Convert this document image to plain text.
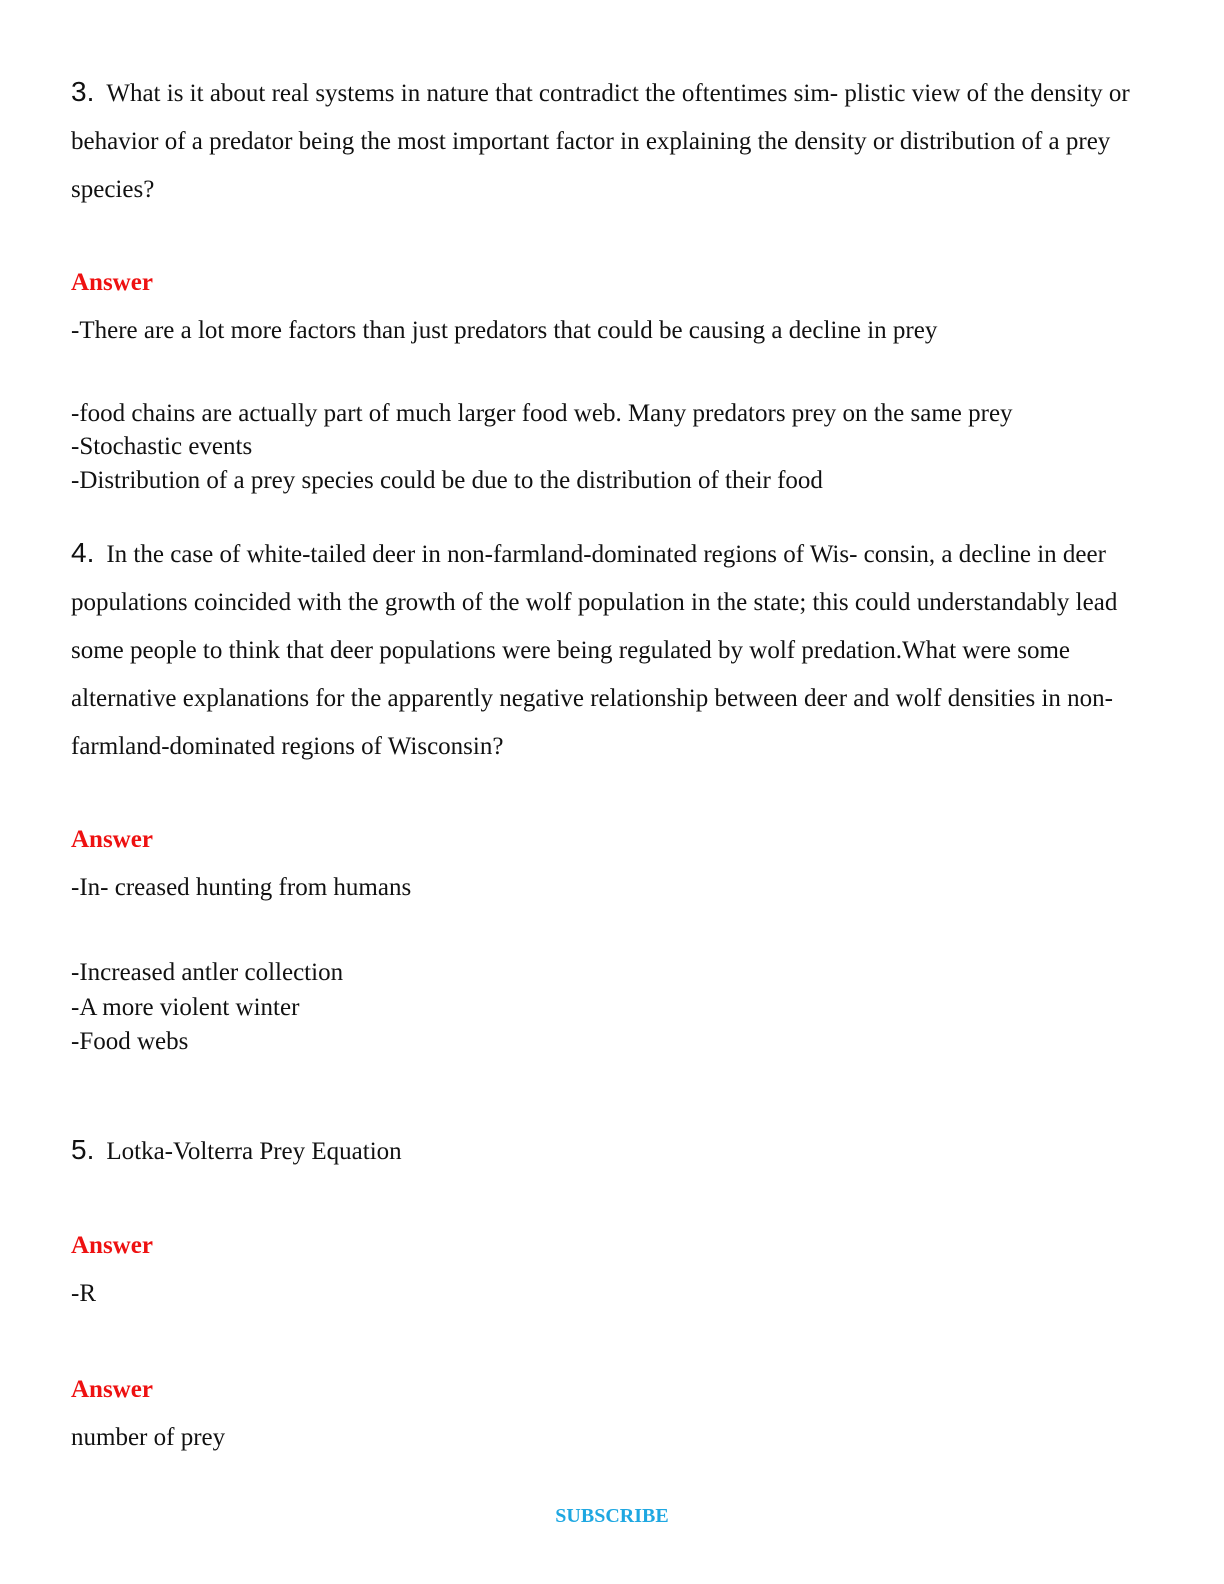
3. What is it about real systems in nature that contradict the oftentimes sim- plistic view of the density or behavior of a predator being the most important factor in explaining the density or distribution of a prey species?
Answer
-There are a lot more factors than just predators that could be causing a decline in prey
-food chains are actually part of much larger food web. Many predators prey on the same prey
-Stochastic events
-Distribution of a prey species could be due to the distribution of their food
4. In the case of white-tailed deer in non-farmland-dominated regions of Wis- consin, a decline in deer populations coincided with the growth of the wolf population in the state; this could understandably lead some people to think that deer populations were being regulated by wolf predation.What were some alternative explanations for the apparently negative relationship between deer and wolf densities in non-farmland-dominated regions of Wisconsin?
Answer
-In- creased hunting from humans
-Increased antler collection
-A more violent winter
-Food webs
5. Lotka-Volterra Prey Equation
Answer
-R
Answer
number of prey
SUBSCRIBE
